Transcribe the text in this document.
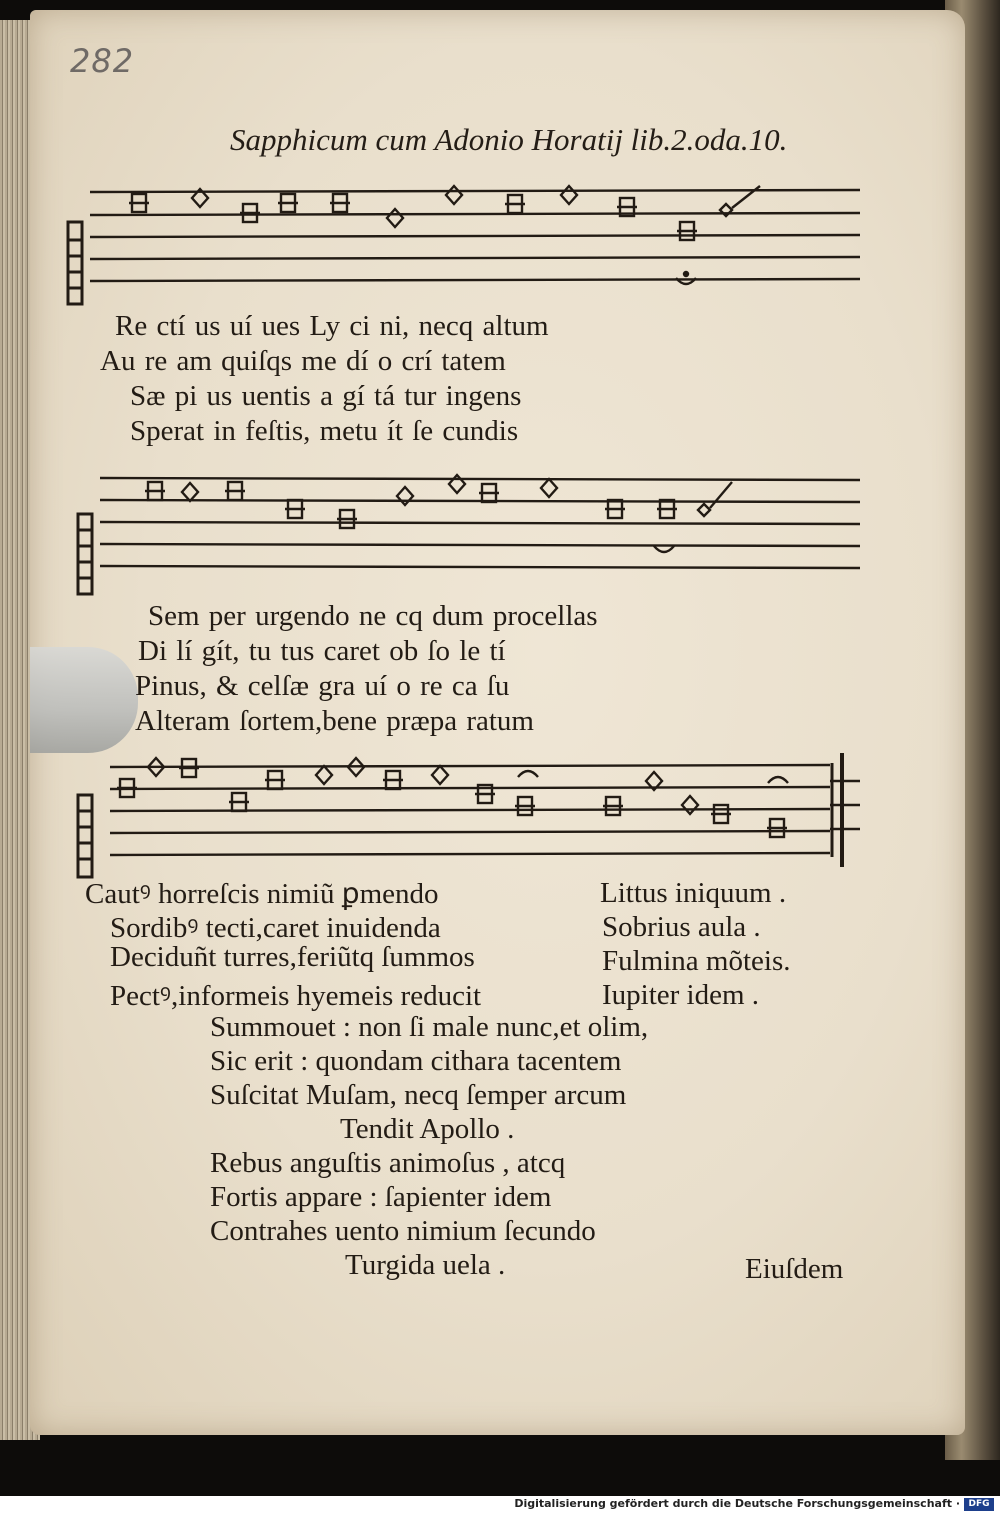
282
Sapphicum cum Adonio Horatij lib.2.oda.10.
Re ctí us uí ues Ly ci ni, necq altum
Au re am quiſqs me dí o crí tatem
Sæ pi us uentis a gí tá tur ingens
Sperat in feſtis, metu ít ſe cundis
Sem per urgendo ne cq dum procellas
Di lí gít, tu tus caret ob ſo le tí
Pinus, & celſæ gra uí o re ca ſu
Alteram ſortem,bene præpa ratum
Cautꝰ horreſcis nimiũ ꝑmendo
Sordibꝰ tecti,caret inuidenda
Deciduñt turres,feriũtq ſummos
Pectꝰ,informeis hyemeis reducit
Littus iniquum .
Sobrius aula .
Fulmina mõteis.
Iupiter idem .
Summouet : non ſi male nunc,et olim,
Sic erit : quondam cithara tacentem
Suſcitat Muſam, necq ſemper arcum
Tendit Apollo .
Rebus anguſtis animoſus , atcq
Fortis appare : ſapienter idem
Contrahes uento nimium ſecundo
Turgida uela .	Eiuſdem
Digitalisierung gefördert durch die Deutsche Forschungsgemeinschaft · DFG
